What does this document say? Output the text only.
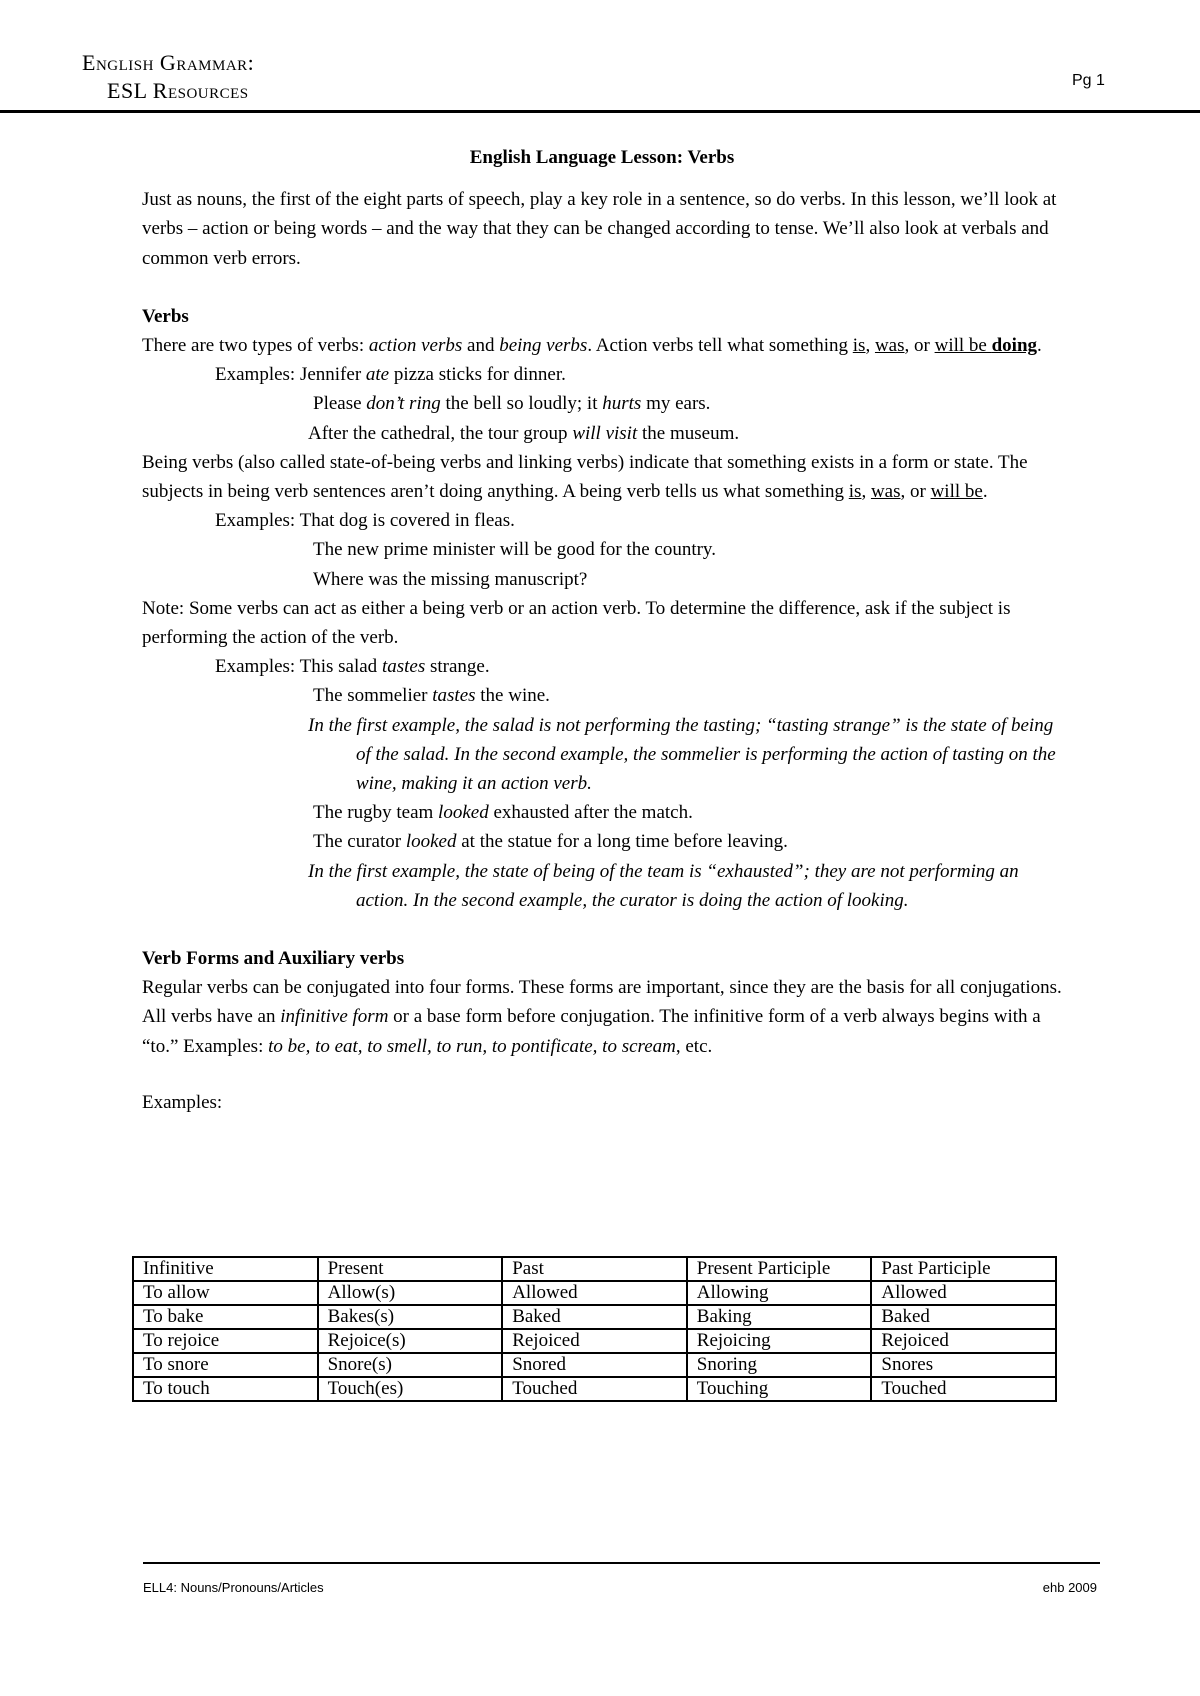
English Grammar:
ESL Resources	Pg 1

English Language Lesson: Verbs

Just as nouns, the first of the eight parts of speech, play a key role in a sentence, so do verbs. In this lesson, we’ll look at verbs – action or being words – and the way that they can be changed according to tense. We’ll also look at verbals and common verb errors.

Verbs

There are two types of verbs: action verbs and being verbs. Action verbs tell what something is, was, or will be doing.

Examples: Jennifer ate pizza sticks for dinner.

Please don’t ring the bell so loudly; it hurts my ears.

After the cathedral, the tour group will visit the museum.

Being verbs (also called state-of-being verbs and linking verbs) indicate that something exists in a form or state. The subjects in being verb sentences aren’t doing anything. A being verb tells us what something is, was, or will be.

Examples: That dog is covered in fleas.

The new prime minister will be good for the country.

Where was the missing manuscript?

Note: Some verbs can act as either a being verb or an action verb. To determine the difference, ask if the subject is performing the action of the verb.

Examples: This salad tastes strange.

The sommelier tastes the wine.

In the first example, the salad is not performing the tasting; “tasting strange” is the state of being of the salad. In the second example, the sommelier is performing the action of tasting on the wine, making it an action verb.

The rugby team looked exhausted after the match.

The curator looked at the statue for a long time before leaving.

In the first example, the state of being of the team is “exhausted”; they are not performing an action. In the second example, the curator is doing the action of looking.

Verb Forms and Auxiliary verbs

Regular verbs can be conjugated into four forms. These forms are important, since they are the basis for all conjugations. All verbs have an infinitive form or a base form before conjugation. The infinitive form of a verb always begins with a “to.” Examples: to be, to eat, to smell, to run, to pontificate, to scream, etc.

Examples:

Infinitive	Present	Past	Present Participle	Past Participle
To allow	Allow(s)	Allowed	Allowing	Allowed
To bake	Bakes(s)	Baked	Baking	Baked
To rejoice	Rejoice(s)	Rejoiced	Rejoicing	Rejoiced
To snore	Snore(s)	Snored	Snoring	Snores
To touch	Touch(es)	Touched	Touching	Touched
ELL4: Nouns/Pronouns/Articles	ehb 2009
